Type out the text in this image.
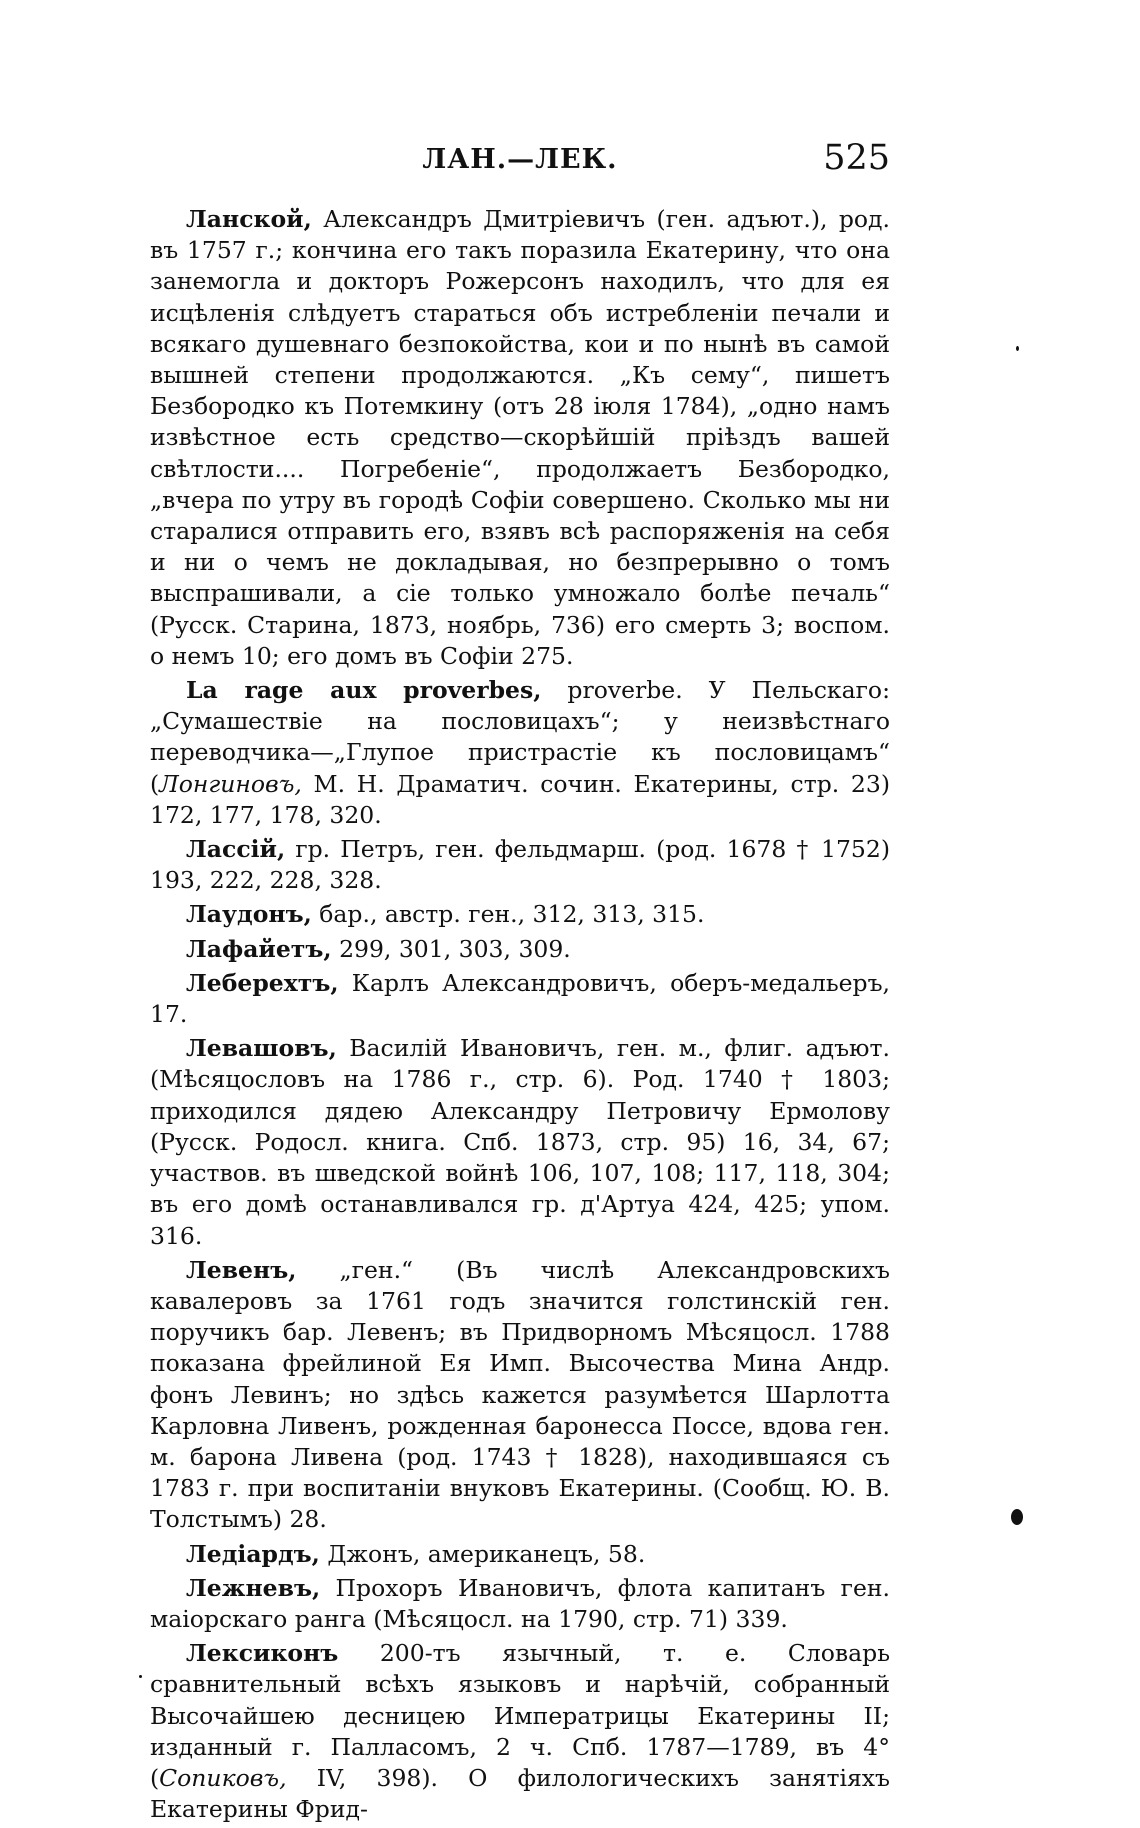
ЛАН.—ЛЕК.	525

Ланской, Александръ Дмитріевичъ (ген. адъют.), род. въ 1757 г.; кончина его такъ поразила Екатерину, что она занемогла и докторъ Рожерсонъ находилъ, что для ея исцѣленія слѣдуетъ стараться объ истребленіи печали и всякаго душевнаго безпокойства, кои и по нынѣ въ самой вышней степени продолжаются. „Къ сему“, пишетъ Безбородко къ Потемкину (отъ 28 іюля 1784), „одно намъ извѣстное есть средство—скорѣйшій пріѣздъ вашей свѣтлости.... Погребеніе“, продолжаетъ Безбородко, „вчера по утру въ городѣ Софіи совершено. Сколько мы ни старалися отправить его, взявъ всѣ распоряженія на себя и ни о чемъ не докладывая, но безпрерывно о томъ выспрашивали, а сіе только умножало болѣе печаль“ (Русск. Старина, 1873, ноябрь, 736) его смерть 3; воспом. о немъ 10; его домъ въ Софіи 275.

La rage aux proverbes, proverbe. У Пельскаго: „Сумашествіе на пословицахъ“; у неизвѣстнаго переводчика—„Глупое пристрастіе къ пословицамъ“ (Лонгиновъ, М. Н. Драматич. сочин. Екатерины, стр. 23) 172, 177, 178, 320.

Лассій, гр. Петръ, ген. фельдмарш. (род. 1678 † 1752) 193, 222, 228, 328.

Лаудонъ, бар., австр. ген., 312, 313, 315.

Лафайетъ, 299, 301, 303, 309.

Леберехтъ, Карлъ Александровичъ, оберъ-медальеръ, 17.

Левашовъ, Василій Ивановичъ, ген. м., флиг. адъют. (Мѣсяцословъ на 1786 г., стр. 6). Род. 1740 † 1803; приходился дядею Александру Петровичу Ермолову (Русск. Родосл. книга. Спб. 1873, стр. 95) 16, 34, 67; участвов. въ шведской войнѣ 106, 107, 108; 117, 118, 304; въ его домѣ останавливался гр. д'Артуа 424, 425; упом. 316.

Левенъ, „ген.“ (Въ числѣ Александровскихъ кавалеровъ за 1761 годъ значится голстинскій ген. поручикъ бар. Левенъ; въ Придворномъ Мѣсяцосл. 1788 показана фрейлиной Ея Имп. Высочества Мина Андр. фонъ Левинъ; но здѣсь кажется разумѣется Шарлотта Карловна Ливенъ, рожденная баронесса Поссе, вдова ген. м. барона Ливена (род. 1743 † 1828), находившаяся съ 1783 г. при воспитаніи внуковъ Екатерины. (Сообщ. Ю. В. Толстымъ) 28.

Ледіардъ, Джонъ, американецъ, 58.

Лежневъ, Прохоръ Ивановичъ, флота капитанъ ген. маіорскаго ранга (Мѣсяцосл. на 1790, стр. 71) 339.

Лексиконъ 200-тъ язычный, т. е. Словарь сравнительный всѣхъ языковъ и нарѣчій, собранный Высочайшею десницею Императрицы Екатерины II; изданный г. Палласомъ, 2 ч. Спб. 1787—1789, въ 4° (Сопиковъ, IV, 398). О филологическихъ занятіяхъ Екатерины Фрид-
